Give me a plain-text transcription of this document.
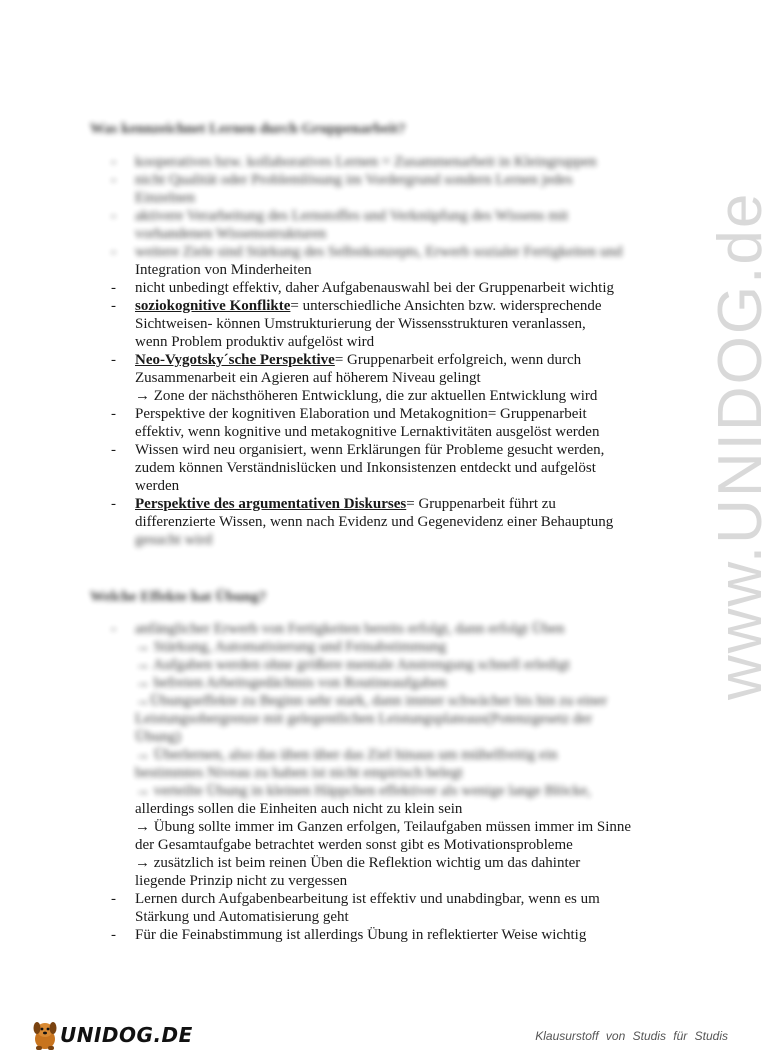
Was kennzeichnet Lernen durch Gruppenarbeit?
- kooperatives bzw. kollaboratives Lernen = Zusammenarbeit in Kleingruppen
- nicht Qualität oder Problemlösung im Vordergrund sondern Lernen jedes
Einzelnen
- aktivere Verarbeitung des Lernstoffes und Verknüpfung des Wissens mit
vorhandenen Wissensstrukturen
- weitere Ziele sind Stärkung des Selbstkonzepts, Erwerb sozialer Fertigkeiten und
Integration von Minderheiten
- nicht unbedingt effektiv, daher Aufgabenauswahl bei der Gruppenarbeit wichtig
- soziokognitive Konflikte= unterschiedliche Ansichten bzw. widersprechende
Sichtweisen- können Umstrukturierung der Wissensstrukturen veranlassen,
wenn Problem produktiv aufgelöst wird
- Neo-Vygotsky´sche Perspektive= Gruppenarbeit erfolgreich, wenn durch
Zusammenarbeit ein Agieren auf höherem Niveau gelingt
→ Zone der nächsthöheren Entwicklung, die zur aktuellen Entwicklung wird
- Perspektive der kognitiven Elaboration und Metakognition= Gruppenarbeit
effektiv, wenn kognitive und metakognitive Lernaktivitäten ausgelöst werden
- Wissen wird neu organisiert, wenn Erklärungen für Probleme gesucht werden,
zudem können Verständnislücken und Inkonsistenzen entdeckt und aufgelöst
werden
- Perspektive des argumentativen Diskurses= Gruppenarbeit führt zu
differenzierte Wissen, wenn nach Evidenz und Gegenevidenz einer Behauptung
gesucht wird
Welche Effekte hat Übung?
- anfänglicher Erwerb von Fertigkeiten bereits erfolgt, dann erfolgt Üben
→ Stärkung, Automatisierung und Feinabstimmung
→ Aufgaben werden ohne größere mentale Anstrengung schnell erledigt
→ befreien Arbeitsgedächtnis von Routineaufgaben
→Übungseffekte zu Beginn sehr stark, dann immer schwächer bis hin zu einer
Leistungsobergrenze mit gelegentlichen Leistungsplateaus(Potenzgesetz der
Übung)
→ Überlernen, also das üben über das Ziel hinaus um mühelfreitig ein
bestimmtes Niveau zu haben ist nicht empirisch belegt
→ verteilte Übung in kleinen Häppchen effektiver als wenige lange Blöcke,
allerdings sollen die Einheiten auch nicht zu klein sein
→ Übung sollte immer im Ganzen erfolgen, Teilaufgaben müssen immer im Sinne
der Gesamtaufgabe betrachtet werden sonst gibt es Motivationsprobleme
→ zusätzlich ist beim reinen Üben die Reflektion wichtig um das dahinter
liegende Prinzip nicht zu vergessen
- Lernen durch Aufgabenbearbeitung ist effektiv und unabdingbar, wenn es um
Stärkung und Automatisierung geht
- Für die Feinabstimmung ist allerdings Übung in reflektierter Weise wichtig
www.UNIDOG.de
UNIDOG.DE	Klausurstoff von Studis für Studis
